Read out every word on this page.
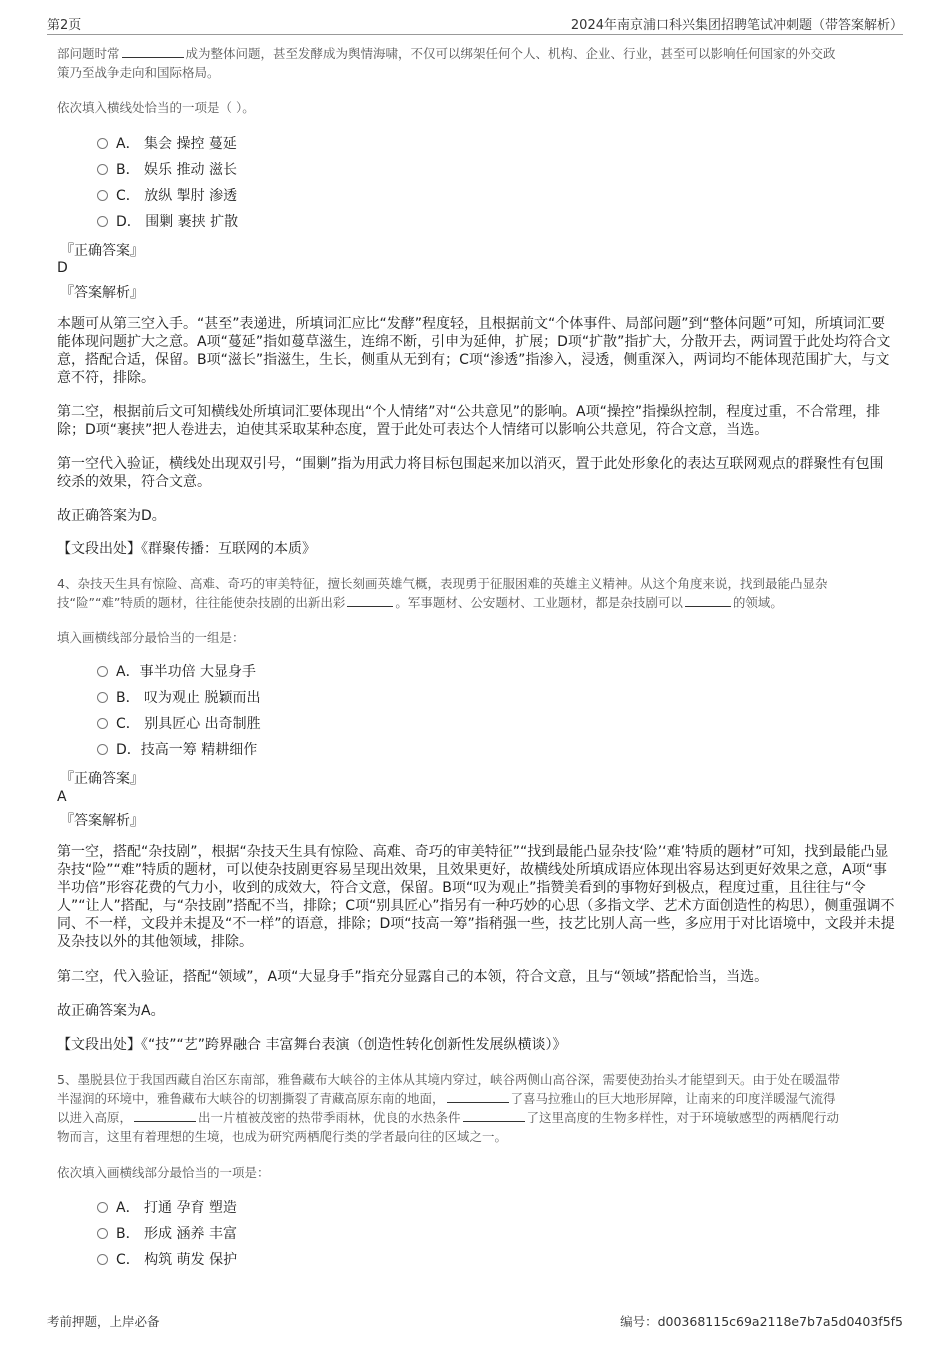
第2页	2024年南京浦口科兴集团招聘笔试冲刺题（带答案解析）
部问题时常	成为整体问题，甚至发酵成为舆情海啸，不仅可以绑架任何个人、机构、企业、行业，甚至可以影响任何国家的外交政
策乃至战争走向和国际格局。
依次填入横线处恰当的一项是（ ）。
A． 集会 操控 蔓延
B． 娱乐 推动 滋长
C． 放纵 掣肘 渗透
D． 围剿 裹挟 扩散
『正确答案』
D
『答案解析』
本题可从第三空入手。“甚至”表递进，所填词汇应比“发酵”程度轻，且根据前文“个体事件、局部问题”到“整体问题”可知，所填词汇要能体现问题扩大之意。A项“蔓延”指如蔓草滋生，连绵不断，引申为延伸，扩展；D项“扩散”指扩大，分散开去，两词置于此处均符合文意，搭配合适，保留。B项“滋长”指滋生，生长，侧重从无到有；C项“渗透”指渗入，浸透，侧重深入，两词均不能体现范围扩大，与文意不符，排除。
第二空，根据前后文可知横线处所填词汇要体现出“个人情绪”对“公共意见”的影响。A项“操控”指操纵控制，程度过重，不合常理，排除；D项“裹挟”把人卷进去，迫使其采取某种态度，置于此处可表达个人情绪可以影响公共意见，符合文意，当选。
第一空代入验证，横线处出现双引号，“围剿”指为用武力将目标包围起来加以消灭，置于此处形象化的表达互联网观点的群聚性有包围绞杀的效果，符合文意。
故正确答案为D。
【文段出处】《群聚传播：互联网的本质》
4、杂技天生具有惊险、高难、奇巧的审美特征，擅长刻画英雄气概，表现勇于征服困难的英雄主义精神。从这个角度来说，找到最能凸显杂
技“险”“难”特质的题材，往往能使杂技剧的出新出彩	。军事题材、公安题材、工业题材，都是杂技剧可以	的领域。
填入画横线部分最恰当的一组是：
A．事半功倍 大显身手
B． 叹为观止 脱颖而出
C． 别具匠心 出奇制胜
D．技高一筹 精耕细作
『正确答案』
A
『答案解析』
第一空，搭配“杂技剧”，根据“杂技天生具有惊险、高难、奇巧的审美特征”“找到最能凸显杂技‘险’‘难’特质的题材”可知，找到最能凸显杂技“险”“难”特质的题材，可以使杂技剧更容易呈现出效果，且效果更好，故横线处所填成语应体现出容易达到更好效果之意，A项“事半功倍”形容花费的气力小，收到的成效大，符合文意，保留。B项“叹为观止”指赞美看到的事物好到极点，程度过重，且往往与“令人”“让人”搭配，与“杂技剧”搭配不当，排除；C项“别具匠心”指另有一种巧妙的心思（多指文学、艺术方面创造性的构思），侧重强调不同、不一样，文段并未提及“不一样”的语意，排除；D项“技高一筹”指稍强一些，技艺比别人高一些，多应用于对比语境中，文段并未提及杂技以外的其他领域，排除。
第二空，代入验证，搭配“领域”，A项“大显身手”指充分显露自己的本领，符合文意，且与“领域”搭配恰当，当选。
故正确答案为A。
【文段出处】《“技”“艺”跨界融合 丰富舞台表演（创造性转化创新性发展纵横谈）》
5、墨脱县位于我国西藏自治区东南部，雅鲁藏布大峡谷的主体从其境内穿过，峡谷两侧山高谷深，需要使劲抬头才能望到天。由于处在暖温带
半湿润的环境中，雅鲁藏布大峡谷的切割撕裂了青藏高原东南的地面，	了喜马拉雅山的巨大地形屏障，让南来的印度洋暖湿气流得
以进入高原，	出一片植被茂密的热带季雨林，优良的水热条件	了这里高度的生物多样性，对于环境敏感型的两栖爬行动
物而言，这里有着理想的生境，也成为研究两栖爬行类的学者最向往的区域之一。
依次填入画横线部分最恰当的一项是：
A． 打通 孕育 塑造
B． 形成 涵养 丰富
C． 构筑 萌发 保护
考前押题，上岸必备	编号：d00368115c69a2118e7b7a5d0403f5f5
